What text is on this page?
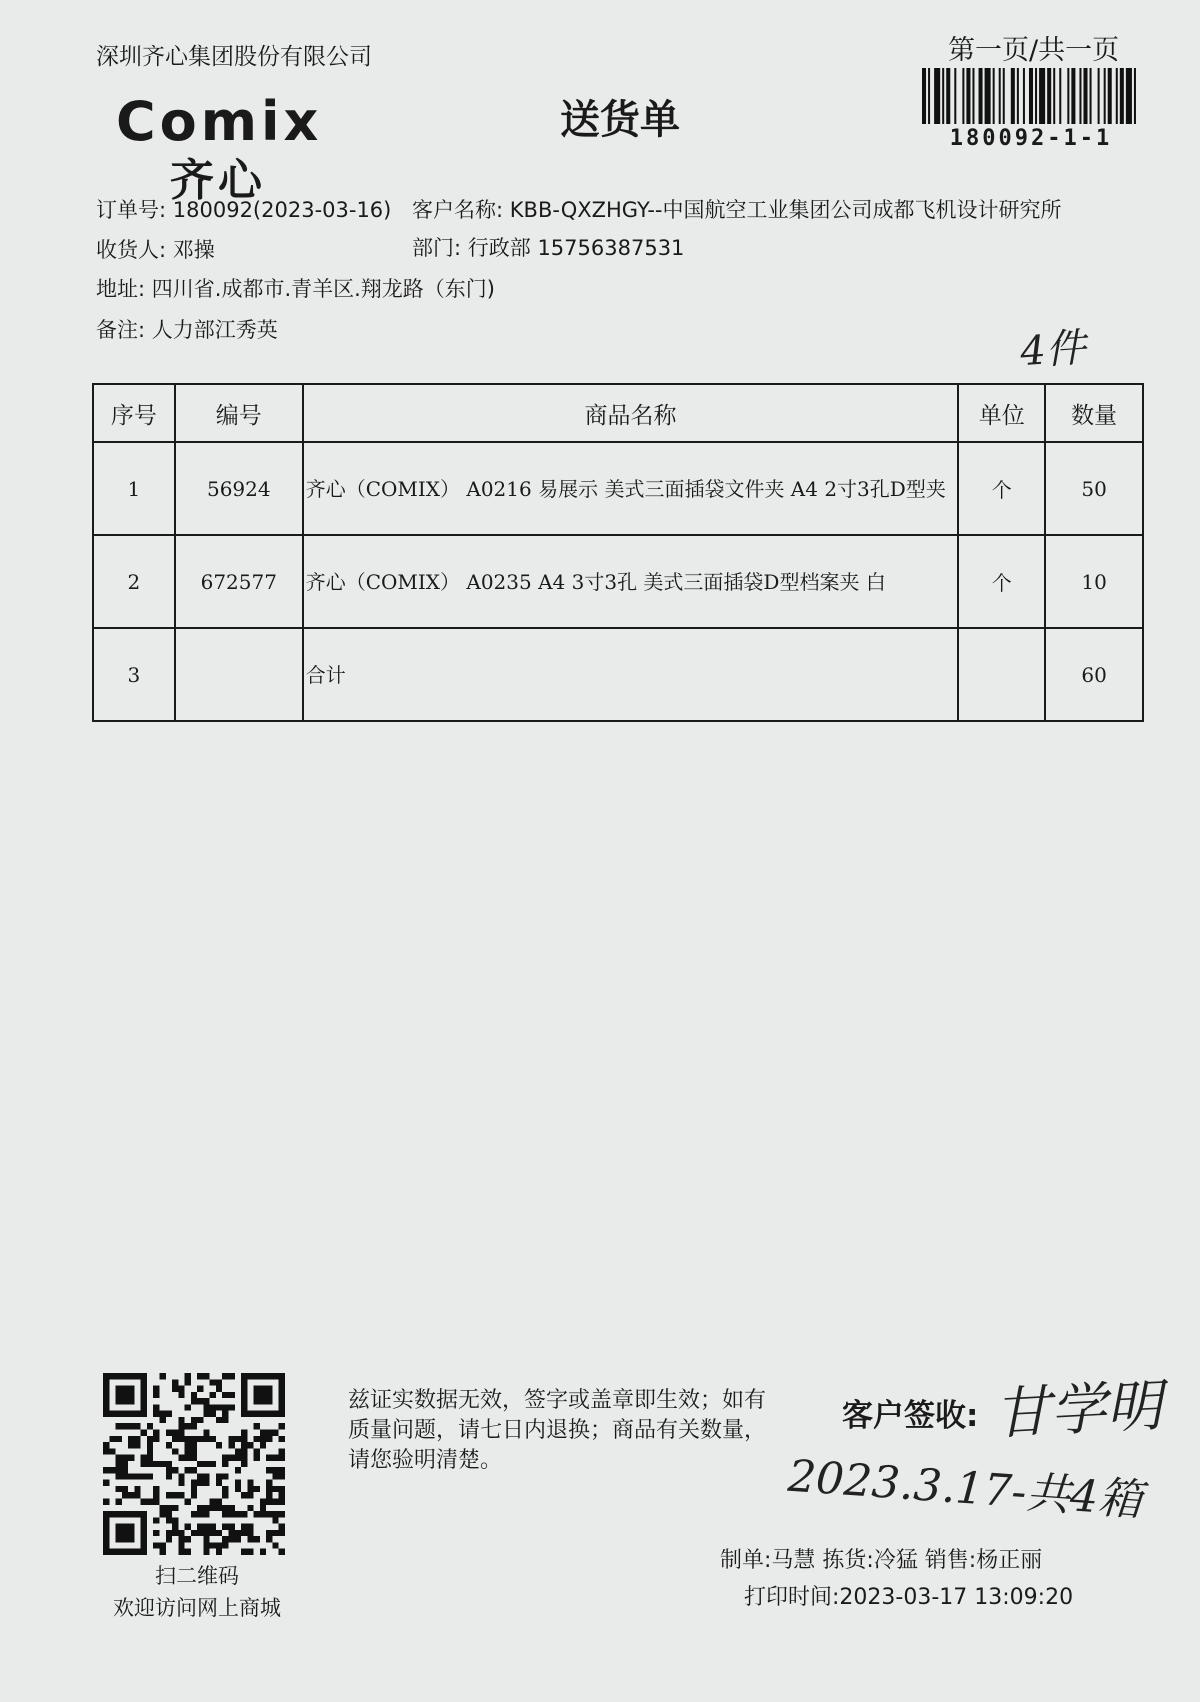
深圳齐心集团股份有限公司	第一页/共一页
180092-1-1
Comix
齐心
送货单
订单号: 180092(2023-03-16) 客户名称: KBB-QXZHGY--中国航空工业集团公司成都飞机设计研究所
收货人: 邓操	部门: 行政部 15756387531
地址: 四川省.成都市.青羊区.翔龙路（东门)
备注: 人力部江秀英	4件
序号	编号	商品名称	单位	数量
1	56924	齐心（COMIX） A0216 易展示 美式三面插袋文件夹 A4 2寸3孔D型夹	个	50
2	672577	齐心（COMIX） A0235 A4 3寸3孔 美式三面插袋D型档案夹 白	个	10
3		合计		60
扫二维码
欢迎访问网上商城
兹证实数据无效，签字或盖章即生效；如有质量问题，请七日内退换；商品有关数量，请您验明清楚。
客户签收: 甘学明
2023.3.17-共4箱
制单:马慧 拣货:冷猛 销售:杨正丽
打印时间:2023-03-17 13:09:20
